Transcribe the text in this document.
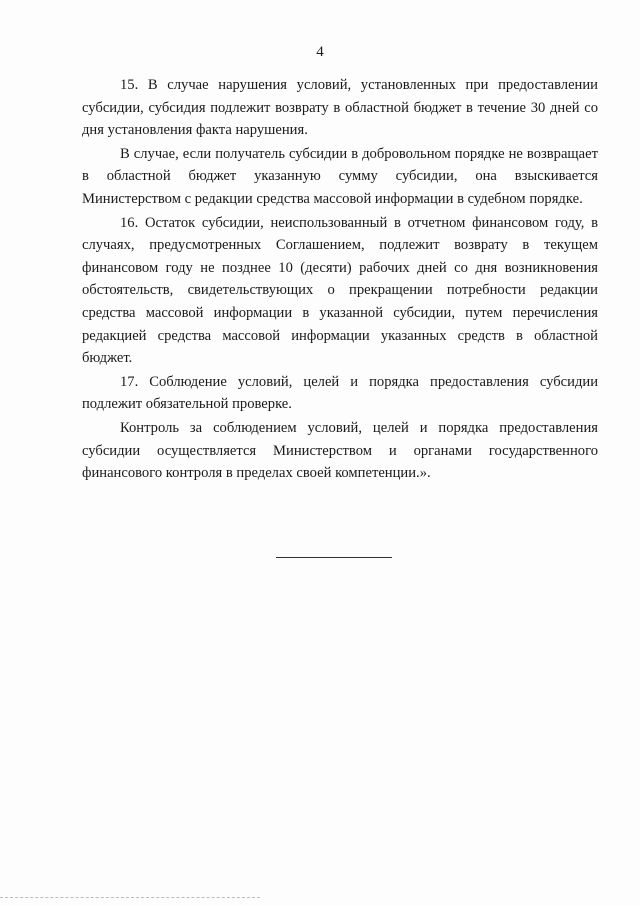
4

15. В случае нарушения условий, установленных при предоставлении субсидии, субсидия подлежит возврату в областной бюджет в течение 30 дней со дня установления факта нарушения.

В случае, если получатель субсидии в добровольном порядке не возвращает в областной бюджет указанную сумму субсидии, она взыскивается Министерством с редакции средства массовой информации в судебном порядке.

16. Остаток субсидии, неиспользованный в отчетном финансовом году, в случаях, предусмотренных Соглашением, подлежит возврату в текущем финансовом году не позднее 10 (десяти) рабочих дней со дня возникновения обстоятельств, свидетельствующих о прекращении потребности редакции средства массовой информации в указанной субсидии, путем перечисления редакцией средства массовой информации указанных средств в областной бюджет.

17. Соблюдение условий, целей и порядка предоставления субсидии подлежит обязательной проверке.

Контроль за соблюдением условий, целей и порядка предоставления субсидии осуществляется Министерством и органами государственного финансового контроля в пределах своей компетенции.».
